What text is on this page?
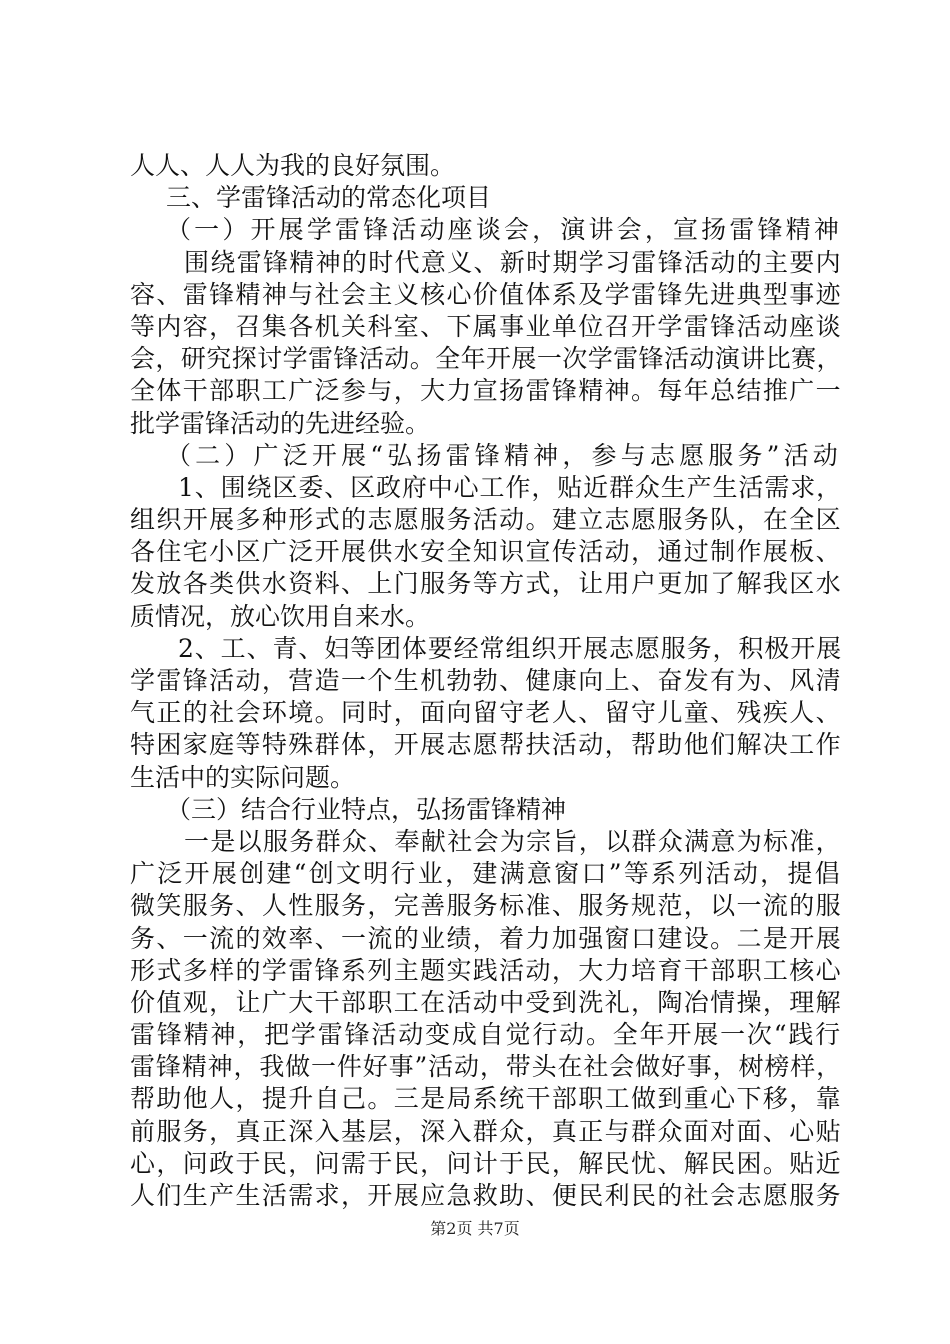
人人、人人为我的良好氛围。
三、学雷锋活动的常态化项目
（一）开展学雷锋活动座谈会，演讲会，宣扬雷锋精神
围绕雷锋精神的时代意义、新时期学习雷锋活动的主要内
容、雷锋精神与社会主义核心价值体系及学雷锋先进典型事迹
等内容，召集各机关科室、下属事业单位召开学雷锋活动座谈
会，研究探讨学雷锋活动。全年开展一次学雷锋活动演讲比赛，
全体干部职工广泛参与，大力宣扬雷锋精神。每年总结推广一
批学雷锋活动的先进经验。
（二）广泛开展“弘扬雷锋精神，参与志愿服务”活动
1、围绕区委、区政府中心工作，贴近群众生产生活需求，
组织开展多种形式的志愿服务活动。建立志愿服务队，在全区
各住宅小区广泛开展供水安全知识宣传活动，通过制作展板、
发放各类供水资料、上门服务等方式，让用户更加了解我区水
质情况，放心饮用自来水。
2、工、青、妇等团体要经常组织开展志愿服务，积极开展
学雷锋活动，营造一个生机勃勃、健康向上、奋发有为、风清
气正的社会环境。同时，面向留守老人、留守儿童、残疾人、
特困家庭等特殊群体，开展志愿帮扶活动，帮助他们解决工作
生活中的实际问题。
（三）结合行业特点，弘扬雷锋精神
一是以服务群众、奉献社会为宗旨，以群众满意为标准，
广泛开展创建“创文明行业，建满意窗口”等系列活动，提倡
微笑服务、人性服务，完善服务标准、服务规范，以一流的服
务、一流的效率、一流的业绩，着力加强窗口建设。二是开展
形式多样的学雷锋系列主题实践活动，大力培育干部职工核心
价值观，让广大干部职工在活动中受到洗礼，陶冶情操，理解
雷锋精神，把学雷锋活动变成自觉行动。全年开展一次“践行
雷锋精神，我做一件好事”活动，带头在社会做好事，树榜样，
帮助他人，提升自己。三是局系统干部职工做到重心下移，靠
前服务，真正深入基层，深入群众，真正与群众面对面、心贴
心，问政于民，问需于民，问计于民，解民忧、解民困。贴近
人们生产生活需求，开展应急救助、便民利民的社会志愿服务
第2页 共7页
